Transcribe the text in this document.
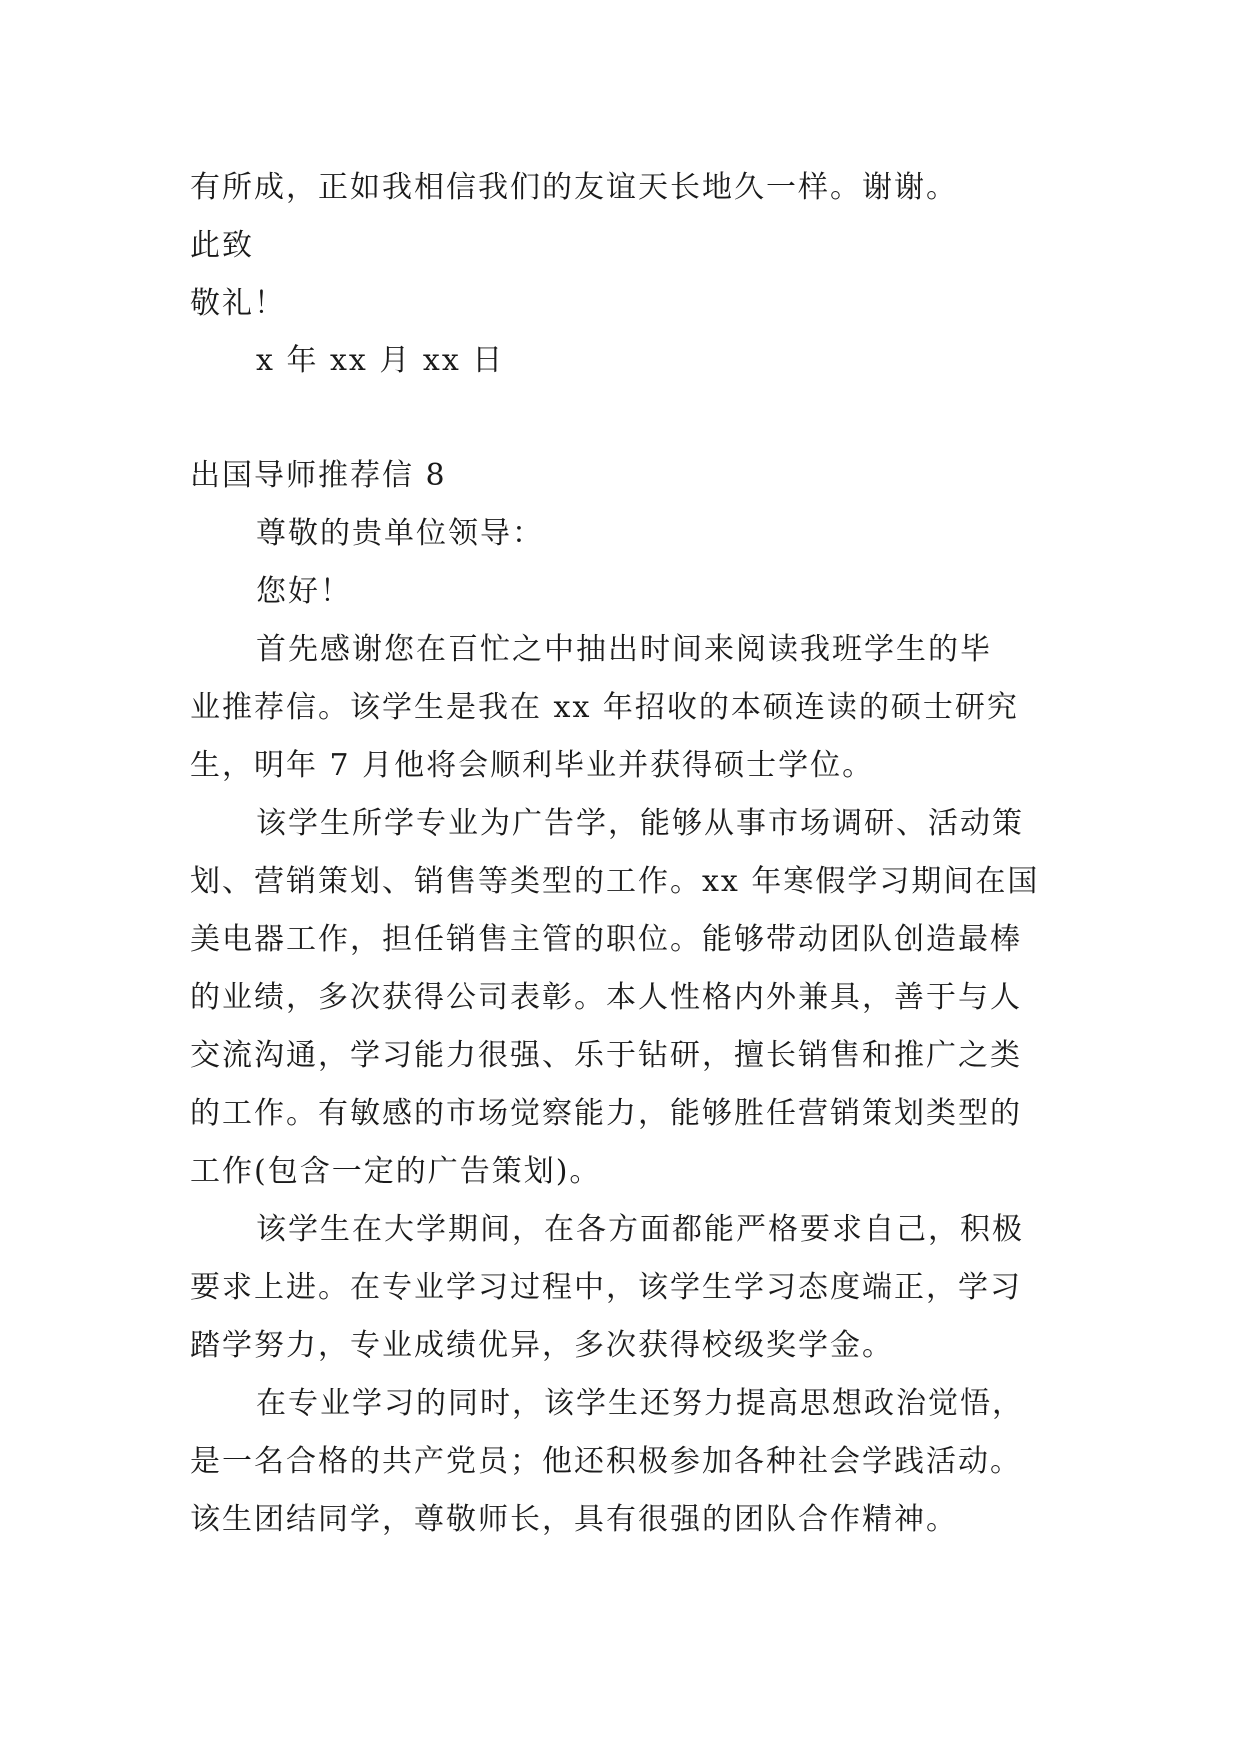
有所成，正如我相信我们的友谊天长地久一样。谢谢。
此致
敬礼！
x 年 xx 月 xx 日
出国导师推荐信 8
尊敬的贵单位领导：
您好！
首先感谢您在百忙之中抽出时间来阅读我班学生的毕
业推荐信。该学生是我在 xx 年招收的本硕连读的硕士研究
生，明年 7 月他将会顺利毕业并获得硕士学位。
该学生所学专业为广告学，能够从事市场调研、活动策
划、营销策划、销售等类型的工作。xx 年寒假学习期间在国
美电器工作，担任销售主管的职位。能够带动团队创造最棒
的业绩，多次获得公司表彰。本人性格内外兼具，善于与人
交流沟通，学习能力很强、乐于钻研，擅长销售和推广之类
的工作。有敏感的市场觉察能力，能够胜任营销策划类型的
工作(包含一定的广告策划)。
该学生在大学期间，在各方面都能严格要求自己，积极
要求上进。在专业学习过程中，该学生学习态度端正，学习
踏学努力，专业成绩优异，多次获得校级奖学金。
在专业学习的同时，该学生还努力提高思想政治觉悟，
是一名合格的共产党员；他还积极参加各种社会学践活动。
该生团结同学，尊敬师长，具有很强的团队合作精神。
